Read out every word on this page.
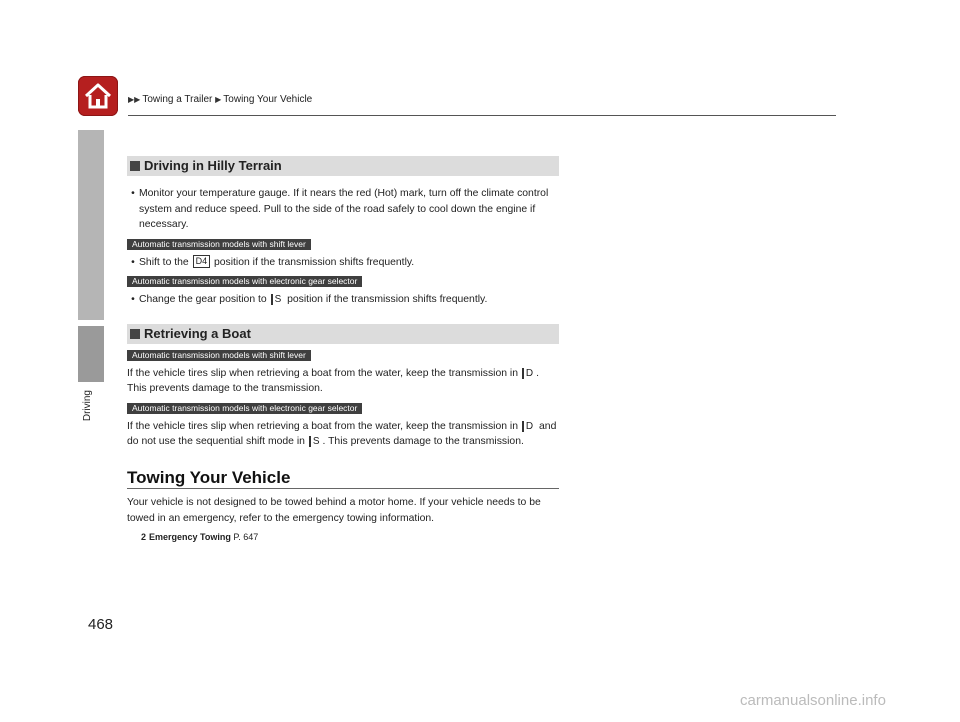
▶▶ Towing a Trailer ▶ Towing Your Vehicle
Driving
Driving in Hilly Terrain
• Monitor your temperature gauge. If it nears the red (Hot) mark, turn off the climate control system and reduce speed. Pull to the side of the road safely to cool down the engine if necessary.
Automatic transmission models with shift lever
• Shift to the D4 position if the transmission shifts frequently.
Automatic transmission models with electronic gear selector
• Change the gear position to S position if the transmission shifts frequently.
Retrieving a Boat
Automatic transmission models with shift lever

If the vehicle tires slip when retrieving a boat from the water, keep the transmission in D . This prevents damage to the transmission.

Automatic transmission models with electronic gear selector

If the vehicle tires slip when retrieving a boat from the water, keep the transmission in D and do not use the sequential shift mode in S . This prevents damage to the transmission.

Towing Your Vehicle

Your vehicle is not designed to be towed behind a motor home. If your vehicle needs to be towed in an emergency, refer to the emergency towing information.

2 Emergency Towing P. 647
468
carmanualsonline.info
